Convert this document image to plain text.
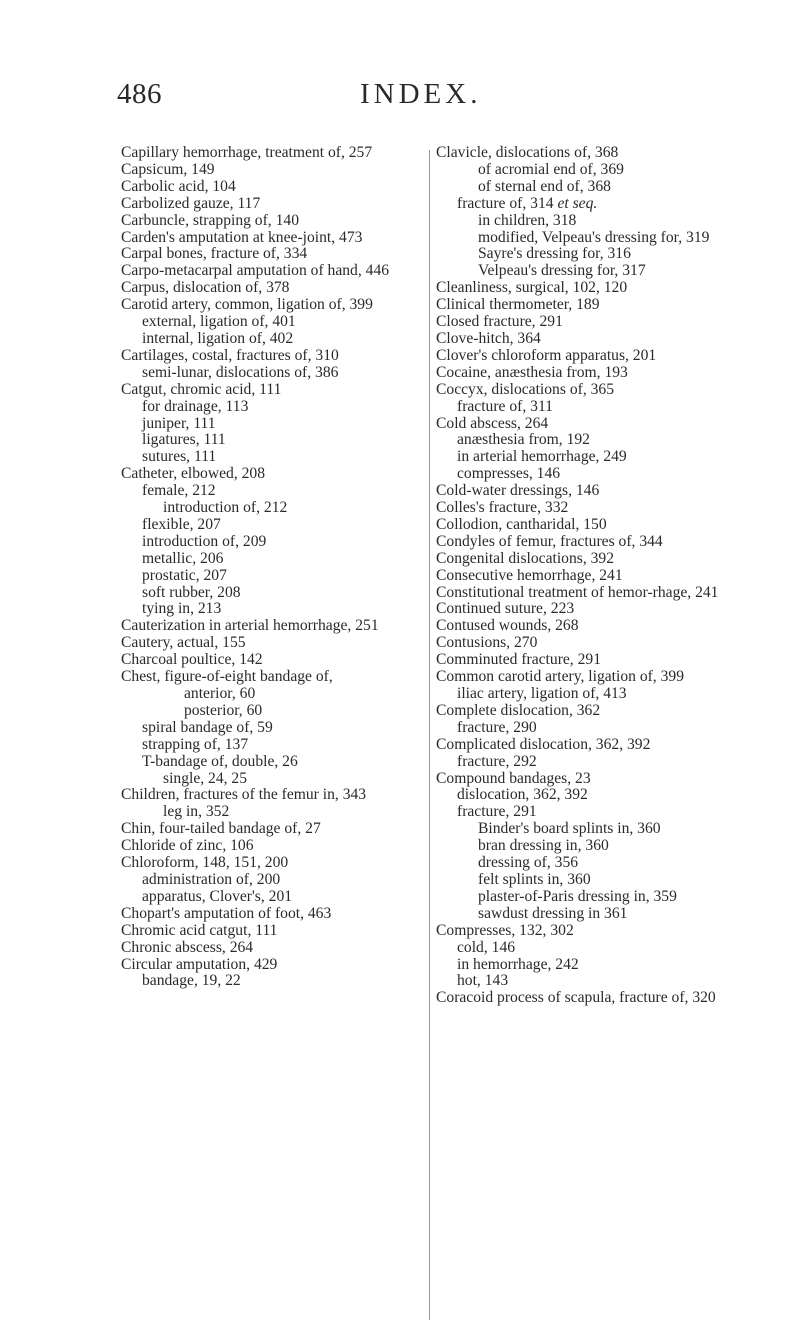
486	INDEX.

Capillary hemorrhage, treatment of, 257

Capsicum, 149

Carbolic acid, 104

Carbolized gauze, 117

Carbuncle, strapping of, 140

Carden's amputation at knee-joint, 473

Carpal bones, fracture of, 334

Carpo-metacarpal amputation of hand, 446

Carpus, dislocation of, 378

Carotid artery, common, ligation of, 399

external, ligation of, 401

internal, ligation of, 402

Cartilages, costal, fractures of, 310

semi-lunar, dislocations of, 386

Catgut, chromic acid, 111

for drainage, 113

juniper, 111

ligatures, 111

sutures, 111

Catheter, elbowed, 208

female, 212

introduction of, 212

flexible, 207

introduction of, 209

metallic, 206

prostatic, 207

soft rubber, 208

tying in, 213

Cauterization in arterial hemorrhage, 251

Cautery, actual, 155

Charcoal poultice, 142

Chest, figure-of-eight bandage of,

anterior, 60

posterior, 60

spiral bandage of, 59

strapping of, 137

T-bandage of, double, 26

single, 24, 25

Children, fractures of the femur in, 343

leg in, 352

Chin, four-tailed bandage of, 27

Chloride of zinc, 106

Chloroform, 148, 151, 200

administration of, 200

apparatus, Clover's, 201

Chopart's amputation of foot, 463

Chromic acid catgut, 111

Chronic abscess, 264

Circular amputation, 429

bandage, 19, 22

Clavicle, dislocations of, 368

of acromial end of, 369

of sternal end of, 368

fracture of, 314 et seq.

in children, 318

modified, Velpeau's dressing for, 319

Sayre's dressing for, 316

Velpeau's dressing for, 317

Cleanliness, surgical, 102, 120

Clinical thermometer, 189

Closed fracture, 291

Clove-hitch, 364

Clover's chloroform apparatus, 201

Cocaine, anæsthesia from, 193

Coccyx, dislocations of, 365

fracture of, 311

Cold abscess, 264

anæsthesia from, 192

in arterial hemorrhage, 249

compresses, 146

Cold-water dressings, 146

Colles's fracture, 332

Collodion, cantharidal, 150

Condyles of femur, fractures of, 344

Congenital dislocations, 392

Consecutive hemorrhage, 241

Constitutional treatment of hemor-rhage, 241

Continued suture, 223

Contused wounds, 268

Contusions, 270

Comminuted fracture, 291

Common carotid artery, ligation of, 399

iliac artery, ligation of, 413

Complete dislocation, 362

fracture, 290

Complicated dislocation, 362, 392

fracture, 292

Compound bandages, 23

dislocation, 362, 392

fracture, 291

Binder's board splints in, 360

bran dressing in, 360

dressing of, 356

felt splints in, 360

plaster-of-Paris dressing in, 359

sawdust dressing in 361

Compresses, 132, 302

cold, 146

in hemorrhage, 242

hot, 143

Coracoid process of scapula, fracture of, 320
